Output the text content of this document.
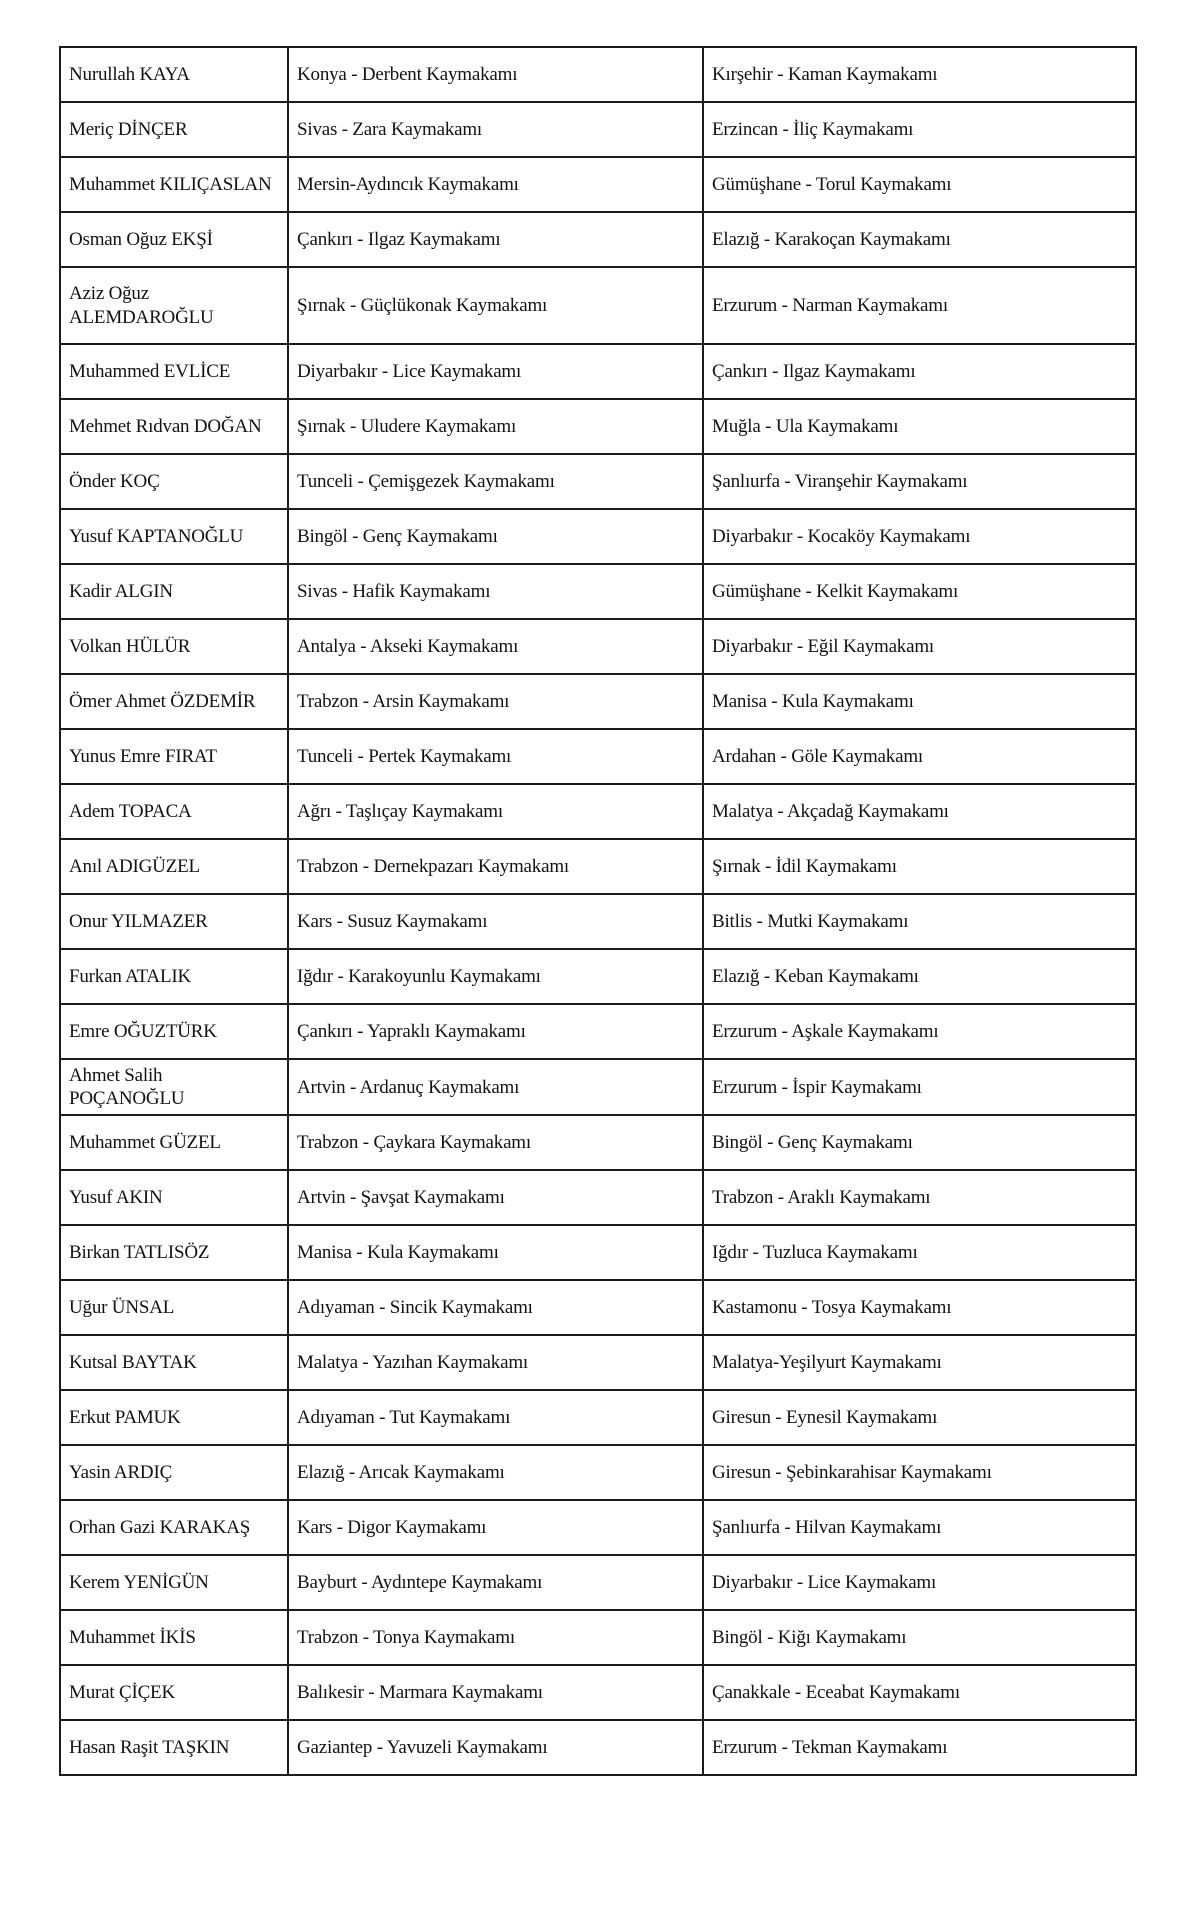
Nurullah KAYA	Konya - Derbent Kaymakamı	Kırşehir - Kaman Kaymakamı
Meriç DİNÇER	Sivas - Zara Kaymakamı	Erzincan - İliç Kaymakamı
Muhammet KILIÇASLAN	Mersin-Aydıncık Kaymakamı	Gümüşhane - Torul Kaymakamı
Osman Oğuz EKŞİ	Çankırı - Ilgaz Kaymakamı	Elazığ - Karakoçan Kaymakamı
Aziz Oğuz ALEMDAROĞLU	Şırnak - Güçlükonak Kaymakamı	Erzurum - Narman Kaymakamı
Muhammed EVLİCE	Diyarbakır - Lice Kaymakamı	Çankırı - Ilgaz Kaymakamı
Mehmet Rıdvan DOĞAN	Şırnak - Uludere Kaymakamı	Muğla - Ula Kaymakamı
Önder KOÇ	Tunceli - Çemişgezek Kaymakamı	Şanlıurfa - Viranşehir Kaymakamı
Yusuf KAPTANOĞLU	Bingöl - Genç Kaymakamı	Diyarbakır - Kocaköy Kaymakamı
Kadir ALGIN	Sivas - Hafik Kaymakamı	Gümüşhane - Kelkit Kaymakamı
Volkan HÜLÜR	Antalya - Akseki Kaymakamı	Diyarbakır - Eğil Kaymakamı
Ömer Ahmet ÖZDEMİR	Trabzon - Arsin Kaymakamı	Manisa - Kula Kaymakamı
Yunus Emre FIRAT	Tunceli - Pertek Kaymakamı	Ardahan - Göle Kaymakamı
Adem TOPACA	Ağrı - Taşlıçay Kaymakamı	Malatya - Akçadağ Kaymakamı
Anıl ADIGÜZEL	Trabzon - Dernekpazarı Kaymakamı	Şırnak - İdil Kaymakamı
Onur YILMAZER	Kars - Susuz Kaymakamı	Bitlis - Mutki Kaymakamı
Furkan ATALIK	Iğdır - Karakoyunlu Kaymakamı	Elazığ - Keban Kaymakamı
Emre OĞUZTÜRK	Çankırı - Yapraklı Kaymakamı	Erzurum - Aşkale Kaymakamı
Ahmet Salih POÇANOĞLU	Artvin - Ardanuç Kaymakamı	Erzurum - İspir Kaymakamı
Muhammet GÜZEL	Trabzon - Çaykara Kaymakamı	Bingöl - Genç Kaymakamı
Yusuf AKIN	Artvin - Şavşat Kaymakamı	Trabzon - Araklı Kaymakamı
Birkan TATLISÖZ	Manisa - Kula Kaymakamı	Iğdır - Tuzluca Kaymakamı
Uğur ÜNSAL	Adıyaman - Sincik Kaymakamı	Kastamonu - Tosya Kaymakamı
Kutsal BAYTAK	Malatya - Yazıhan Kaymakamı	Malatya-Yeşilyurt Kaymakamı
Erkut PAMUK	Adıyaman - Tut Kaymakamı	Giresun - Eynesil Kaymakamı
Yasin ARDIÇ	Elazığ - Arıcak Kaymakamı	Giresun - Şebinkarahisar Kaymakamı
Orhan Gazi KARAKAŞ	Kars - Digor Kaymakamı	Şanlıurfa - Hilvan Kaymakamı
Kerem YENİGÜN	Bayburt - Aydıntepe Kaymakamı	Diyarbakır - Lice Kaymakamı
Muhammet İKİS	Trabzon - Tonya Kaymakamı	Bingöl - Kiğı Kaymakamı
Murat ÇİÇEK	Balıkesir - Marmara Kaymakamı	Çanakkale - Eceabat Kaymakamı
Hasan Raşit TAŞKIN	Gaziantep - Yavuzeli Kaymakamı	Erzurum - Tekman Kaymakamı
